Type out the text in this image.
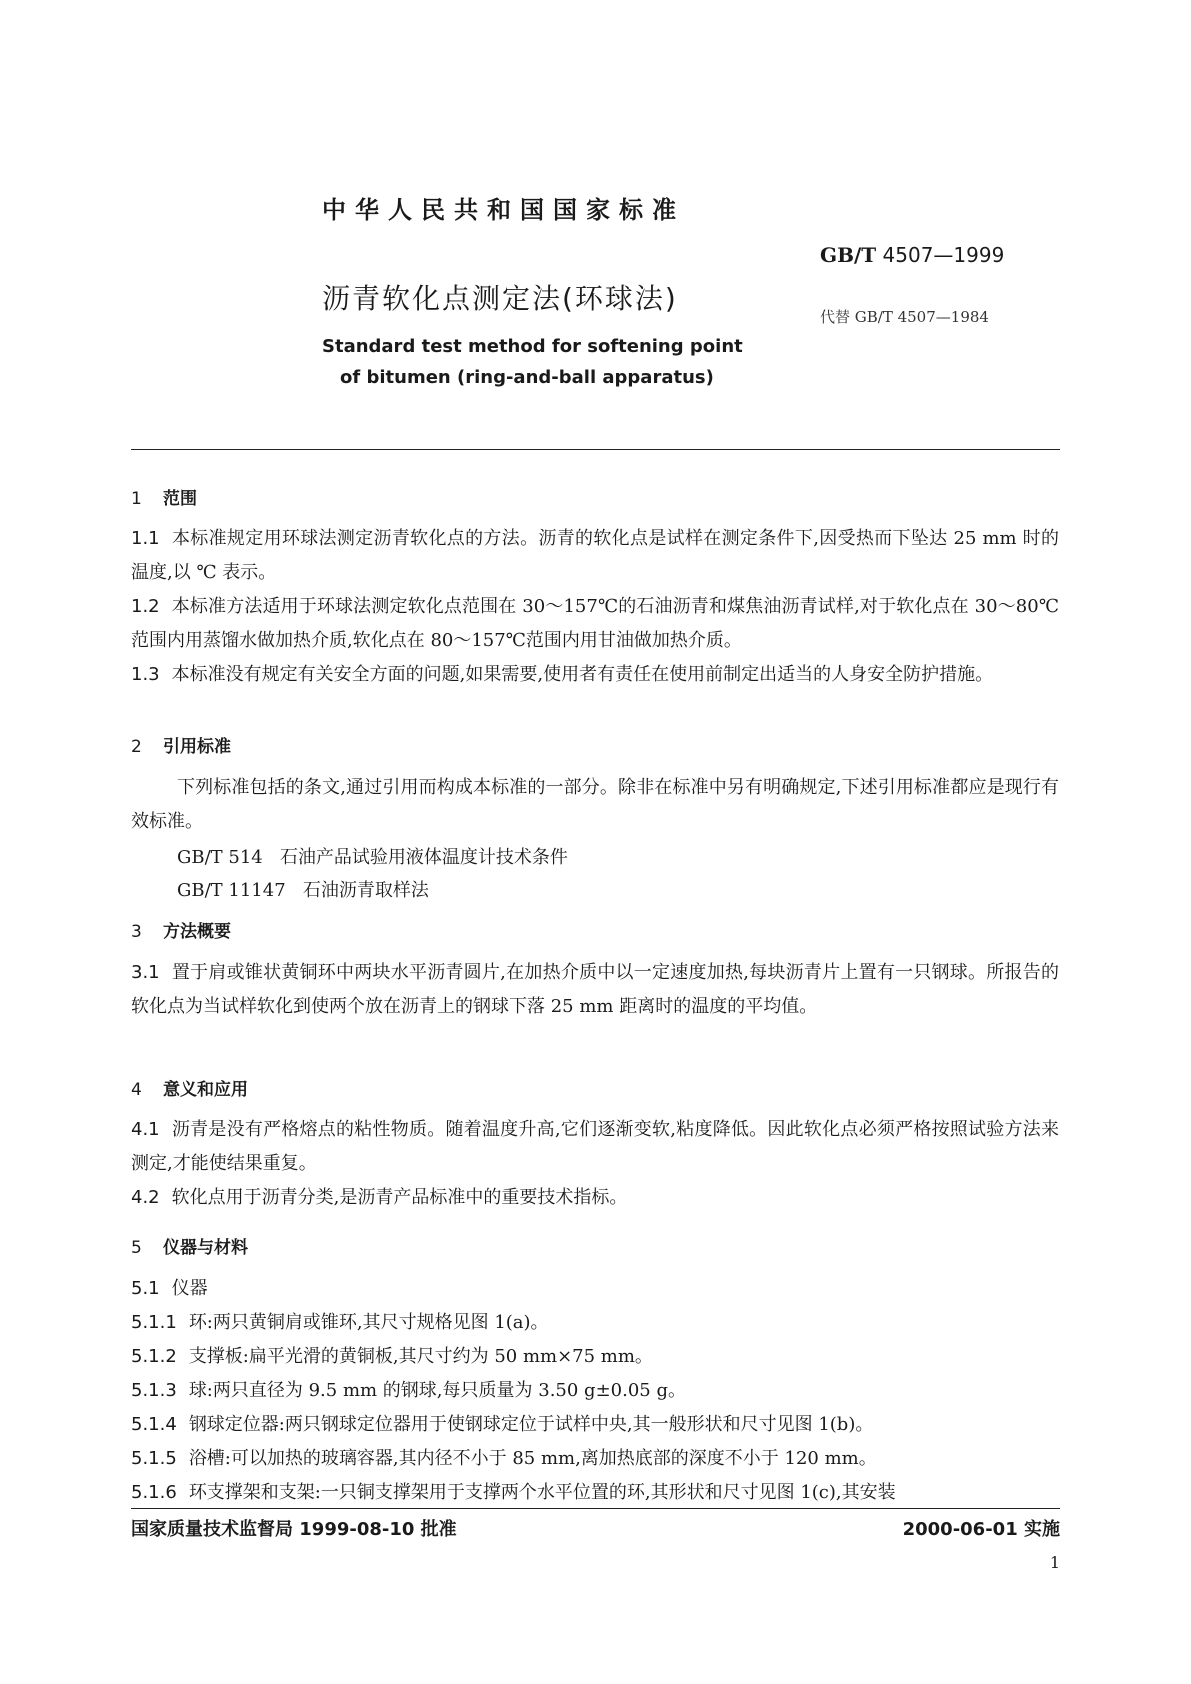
中华人民共和国国家标准
GB/T 4507—1999
沥青软化点测定法(环球法)
代替 GB/T 4507—1984
Standard test method for softening point
of bitumen (ring-and-ball apparatus)
1 范围
1.1 本标准规定用环球法测定沥青软化点的方法。沥青的软化点是试样在测定条件下,因受热而下坠达 25 mm 时的温度,以 ℃ 表示。
1.2 本标准方法适用于环球法测定软化点范围在 30～157℃的石油沥青和煤焦油沥青试样,对于软化点在 30～80℃范围内用蒸馏水做加热介质,软化点在 80～157℃范围内用甘油做加热介质。
1.3 本标准没有规定有关安全方面的问题,如果需要,使用者有责任在使用前制定出适当的人身安全防护措施。
2 引用标准
下列标准包括的条文,通过引用而构成本标准的一部分。除非在标准中另有明确规定,下述引用标准都应是现行有效标准。
GB/T 514 石油产品试验用液体温度计技术条件
GB/T 11147 石油沥青取样法
3 方法概要
3.1 置于肩或锥状黄铜环中两块水平沥青圆片,在加热介质中以一定速度加热,每块沥青片上置有一只钢球。所报告的软化点为当试样软化到使两个放在沥青上的钢球下落 25 mm 距离时的温度的平均值。
4 意义和应用
4.1 沥青是没有严格熔点的粘性物质。随着温度升高,它们逐渐变软,粘度降低。因此软化点必须严格按照试验方法来测定,才能使结果重复。
4.2 软化点用于沥青分类,是沥青产品标准中的重要技术指标。
5 仪器与材料
5.1 仪器
5.1.1 环:两只黄铜肩或锥环,其尺寸规格见图 1(a)。
5.1.2 支撑板:扁平光滑的黄铜板,其尺寸约为 50 mm×75 mm。
5.1.3 球:两只直径为 9.5 mm 的钢球,每只质量为 3.50 g±0.05 g。
5.1.4 钢球定位器:两只钢球定位器用于使钢球定位于试样中央,其一般形状和尺寸见图 1(b)。
5.1.5 浴槽:可以加热的玻璃容器,其内径不小于 85 mm,离加热底部的深度不小于 120 mm。
5.1.6 环支撑架和支架:一只铜支撑架用于支撑两个水平位置的环,其形状和尺寸见图 1(c),其安装
国家质量技术监督局 1999-08-10 批准	2000-06-01 实施
1
